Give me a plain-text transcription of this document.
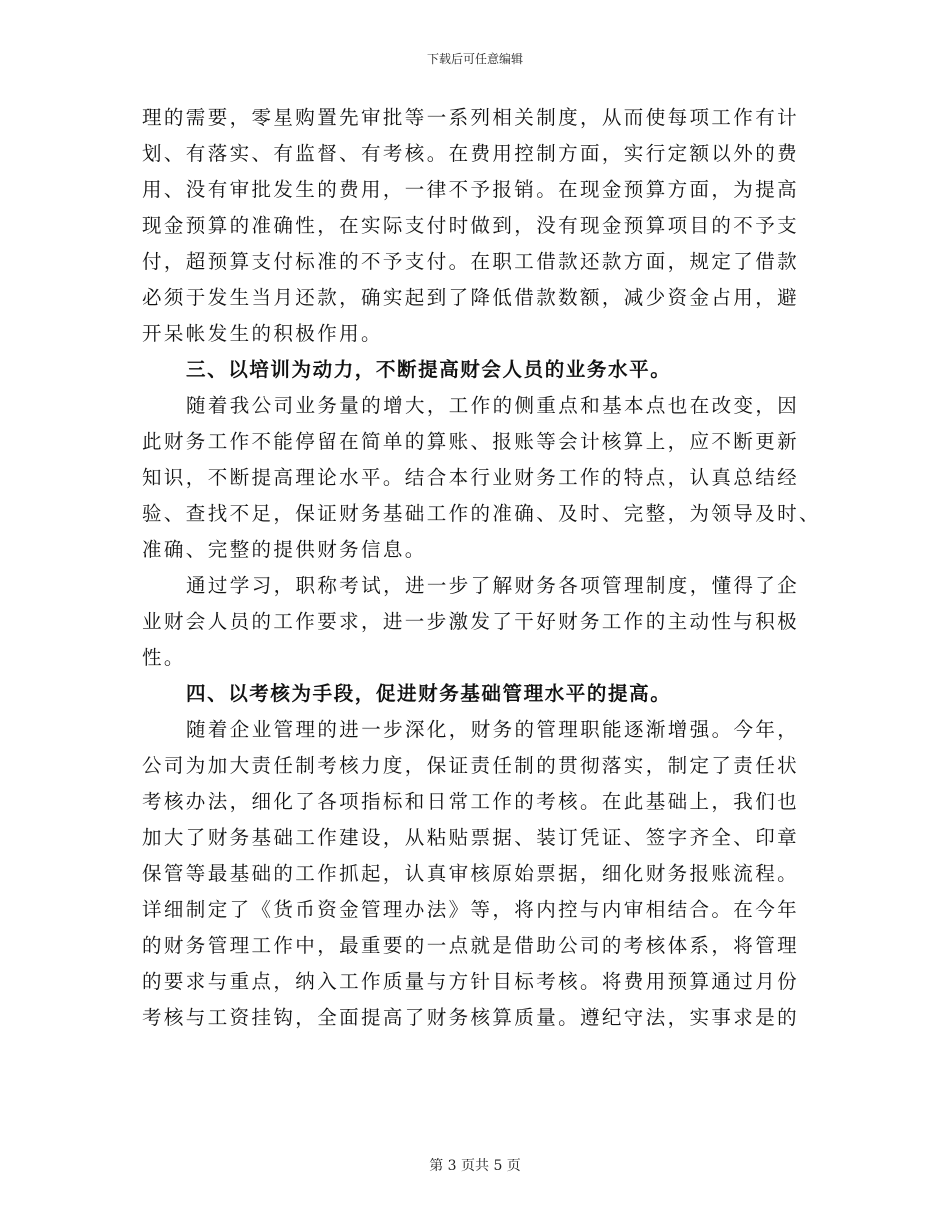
下载后可任意编辑
理的需要，零星购置先审批等一系列相关制度，从而使每项工作有计
划、有落实、有监督、有考核。在费用控制方面，实行定额以外的费
用、没有审批发生的费用，一律不予报销。在现金预算方面，为提高
现金预算的准确性，在实际支付时做到，没有现金预算项目的不予支
付，超预算支付标准的不予支付。在职工借款还款方面，规定了借款
必须于发生当月还款，确实起到了降低借款数额，减少资金占用，避
开呆帐发生的积极作用。
三、以培训为动力，不断提高财会人员的业务水平。
随着我公司业务量的增大，工作的侧重点和基本点也在改变，因
此财务工作不能停留在简单的算账、报账等会计核算上，应不断更新
知识，不断提高理论水平。结合本行业财务工作的特点，认真总结经
验、查找不足，保证财务基础工作的准确、及时、完整，为领导及时、
准确、完整的提供财务信息。
通过学习，职称考试，进一步了解财务各项管理制度，懂得了企
业财会人员的工作要求，进一步激发了干好财务工作的主动性与积极
性。
四、以考核为手段，促进财务基础管理水平的提高。
随着企业管理的进一步深化，财务的管理职能逐渐增强。今年，
公司为加大责任制考核力度，保证责任制的贯彻落实，制定了责任状
考核办法，细化了各项指标和日常工作的考核。在此基础上，我们也
加大了财务基础工作建设，从粘贴票据、装订凭证、签字齐全、印章
保管等最基础的工作抓起，认真审核原始票据，细化财务报账流程。
详细制定了《货币资金管理办法》等，将内控与内审相结合。在今年
的财务管理工作中，最重要的一点就是借助公司的考核体系，将管理
的要求与重点，纳入工作质量与方针目标考核。将费用预算通过月份
考核与工资挂钩，全面提高了财务核算质量。遵纪守法，实事求是的
第 3 页共 5 页
